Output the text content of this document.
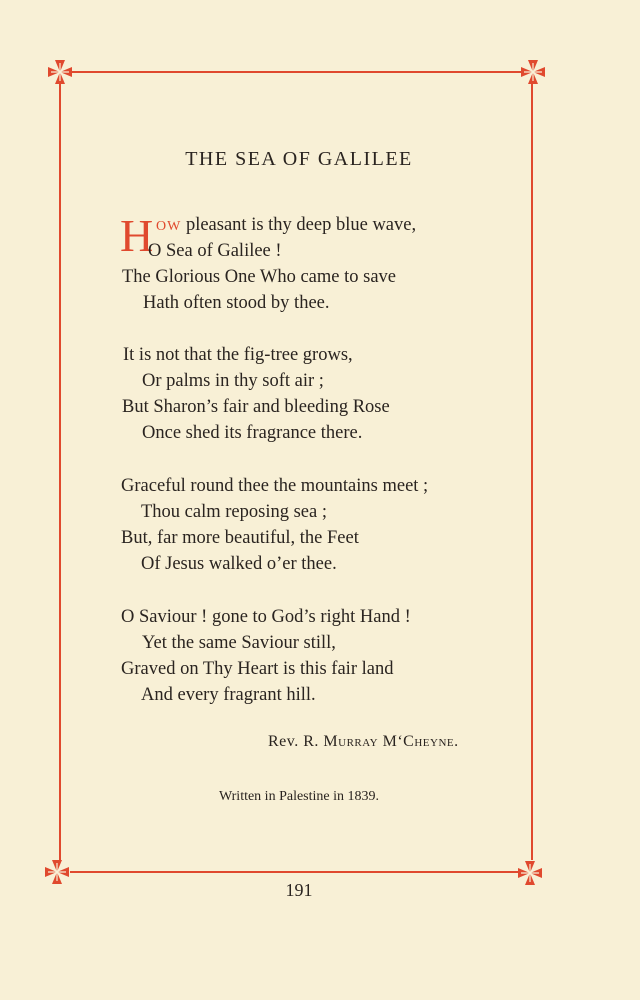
THE SEA OF GALILEE
H OW pleasant is thy deep blue wave,
O Sea of Galilee !
The Glorious One Who came to save
Hath often stood by thee.
It is not that the fig-tree grows,
Or palms in thy soft air ;
But Sharon’s fair and bleeding Rose
Once shed its fragrance there.
Graceful round thee the mountains meet ;
Thou calm reposing sea ;
But, far more beautiful, the Feet
Of Jesus walked o’er thee.
O Saviour ! gone to God’s right Hand !
Yet the same Saviour still,
Graved on Thy Heart is this fair land
And every fragrant hill.
Rev. R. Murray M‘Cheyne.
Written in Palestine in 1839.
191
